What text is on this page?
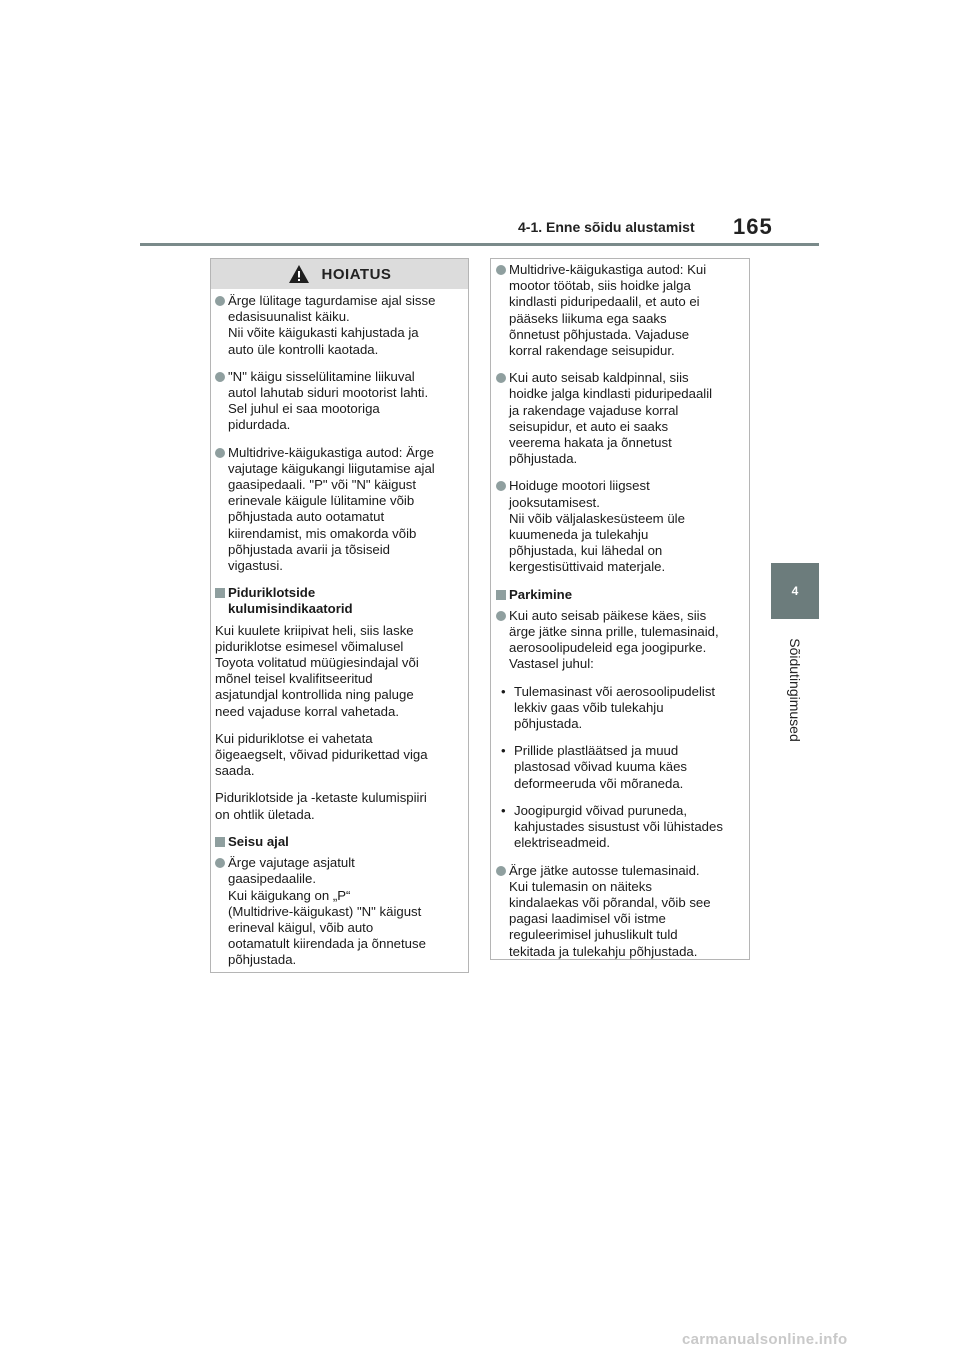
4-1. Enne sõidu alustamist 165
4
Sõidutingimused
HOIATUS
Ärge lülitage tagurdamise ajal sisse
edasisuunalist käiku.
Nii võite käigukasti kahjustada ja
auto üle kontrolli kaotada.
"N" käigu sisselülitamine liikuval
autol lahutab siduri mootorist lahti.
Sel juhul ei saa mootoriga
pidurdada.
Multidrive-käigukastiga autod: Ärge
vajutage käigukangi liigutamise ajal
gaasipedaali. "P" või "N" käigust
erinevale käigule lülitamine võib
põhjustada auto ootamatut
kiirendamist, mis omakorda võib
põhjustada avarii ja tõsiseid
vigastusi.
Piduriklotside
kulumisindikaatorid

Kui kuulete kriipivat heli, siis laske
piduriklotse esimesel võimalusel
Toyota volitatud müügiesindajal või
mõnel teisel kvalifitseeritud
asjatundjal kontrollida ning paluge
need vajaduse korral vahetada.

Kui piduriklotse ei vahetata
õigeaegselt, võivad pidurikettad viga
saada.

Piduriklotside ja -ketaste kulumispiiri
on ohtlik ületada.

Seisu ajal
Ärge vajutage asjatult
gaasipedaalile.
Kui käigukang on „P“
(Multidrive-käigukast) "N" käigust
erineval käigul, võib auto
ootamatult kiirendada ja õnnetuse
põhjustada.
Multidrive-käigukastiga autod: Kui
mootor töötab, siis hoidke jalga
kindlasti piduripedaalil, et auto ei
pääseks liikuma ega saaks
õnnetust põhjustada. Vajaduse
korral rakendage seisupidur.
Kui auto seisab kaldpinnal, siis
hoidke jalga kindlasti piduripedaalil
ja rakendage vajaduse korral
seisupidur, et auto ei saaks
veerema hakata ja õnnetust
põhjustada.
Hoiduge mootori liigsest
jooksutamisest.
Nii võib väljalaskesüsteem üle
kuumeneda ja tulekahju
põhjustada, kui lähedal on
kergestisüttivaid materjale.
Parkimine
Kui auto seisab päikese käes, siis
ärge jätke sinna prille, tulemasinaid,
aerosoolipudeleid ega joogipurke.
Vastasel juhul:
• Tulemasinast või aerosoolipudelist
lekkiv gaas võib tulekahju
põhjustada.
• Prillide plastläätsed ja muud
plastosad võivad kuuma käes
deformeeruda või mõraneda.
• Joogipurgid võivad puruneda,
kahjustades sisustust või lühistades
elektriseadmeid.
Ärge jätke autosse tulemasinaid.
Kui tulemasin on näiteks
kindalaekas või põrandal, võib see
pagasi laadimisel või istme
reguleerimisel juhuslikult tuld
tekitada ja tulekahju põhjustada.
carmanualsonline.info
